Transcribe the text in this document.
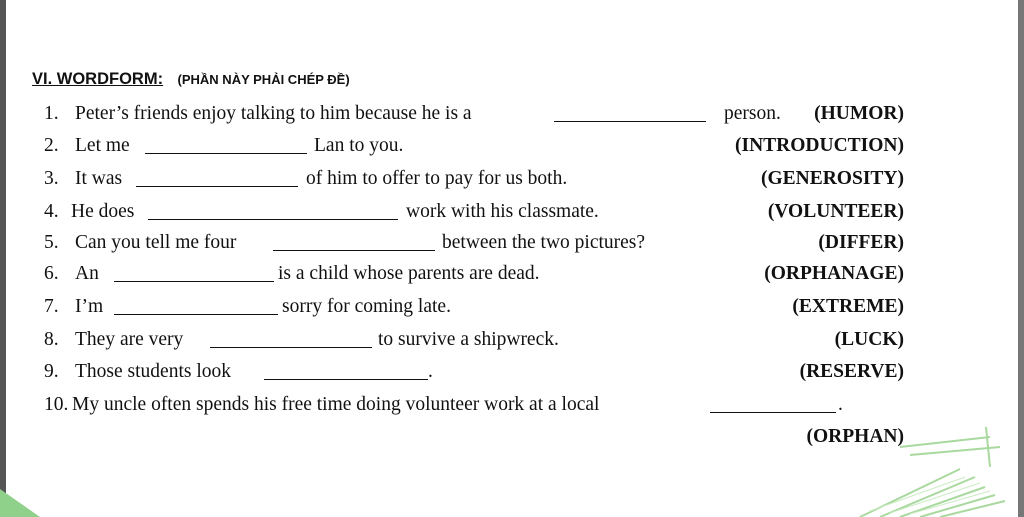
VI. WORDFORM: (PHẦN NÀY PHẢI CHÉP ĐỀ)
1. Peter’s friends enjoy talking to him because he is a	person. (HUMOR)
2. Let me	Lan to you.	(INTRODUCTION)
3. It was	of him to offer to pay for us both.	(GENEROSITY)
4. He does	work with his classmate.	(VOLUNTEER)
5. Can you tell me four	between the two pictures?	(DIFFER)
6. An	is a child whose parents are dead.	(ORPHANAGE)
7. I’m	sorry for coming late.	(EXTREME)
8. They are very	to survive a shipwreck.	(LUCK)
9. Those students look	.	(RESERVE)
10. My uncle often spends his free time doing volunteer work at a local	.
(ORPHAN)
